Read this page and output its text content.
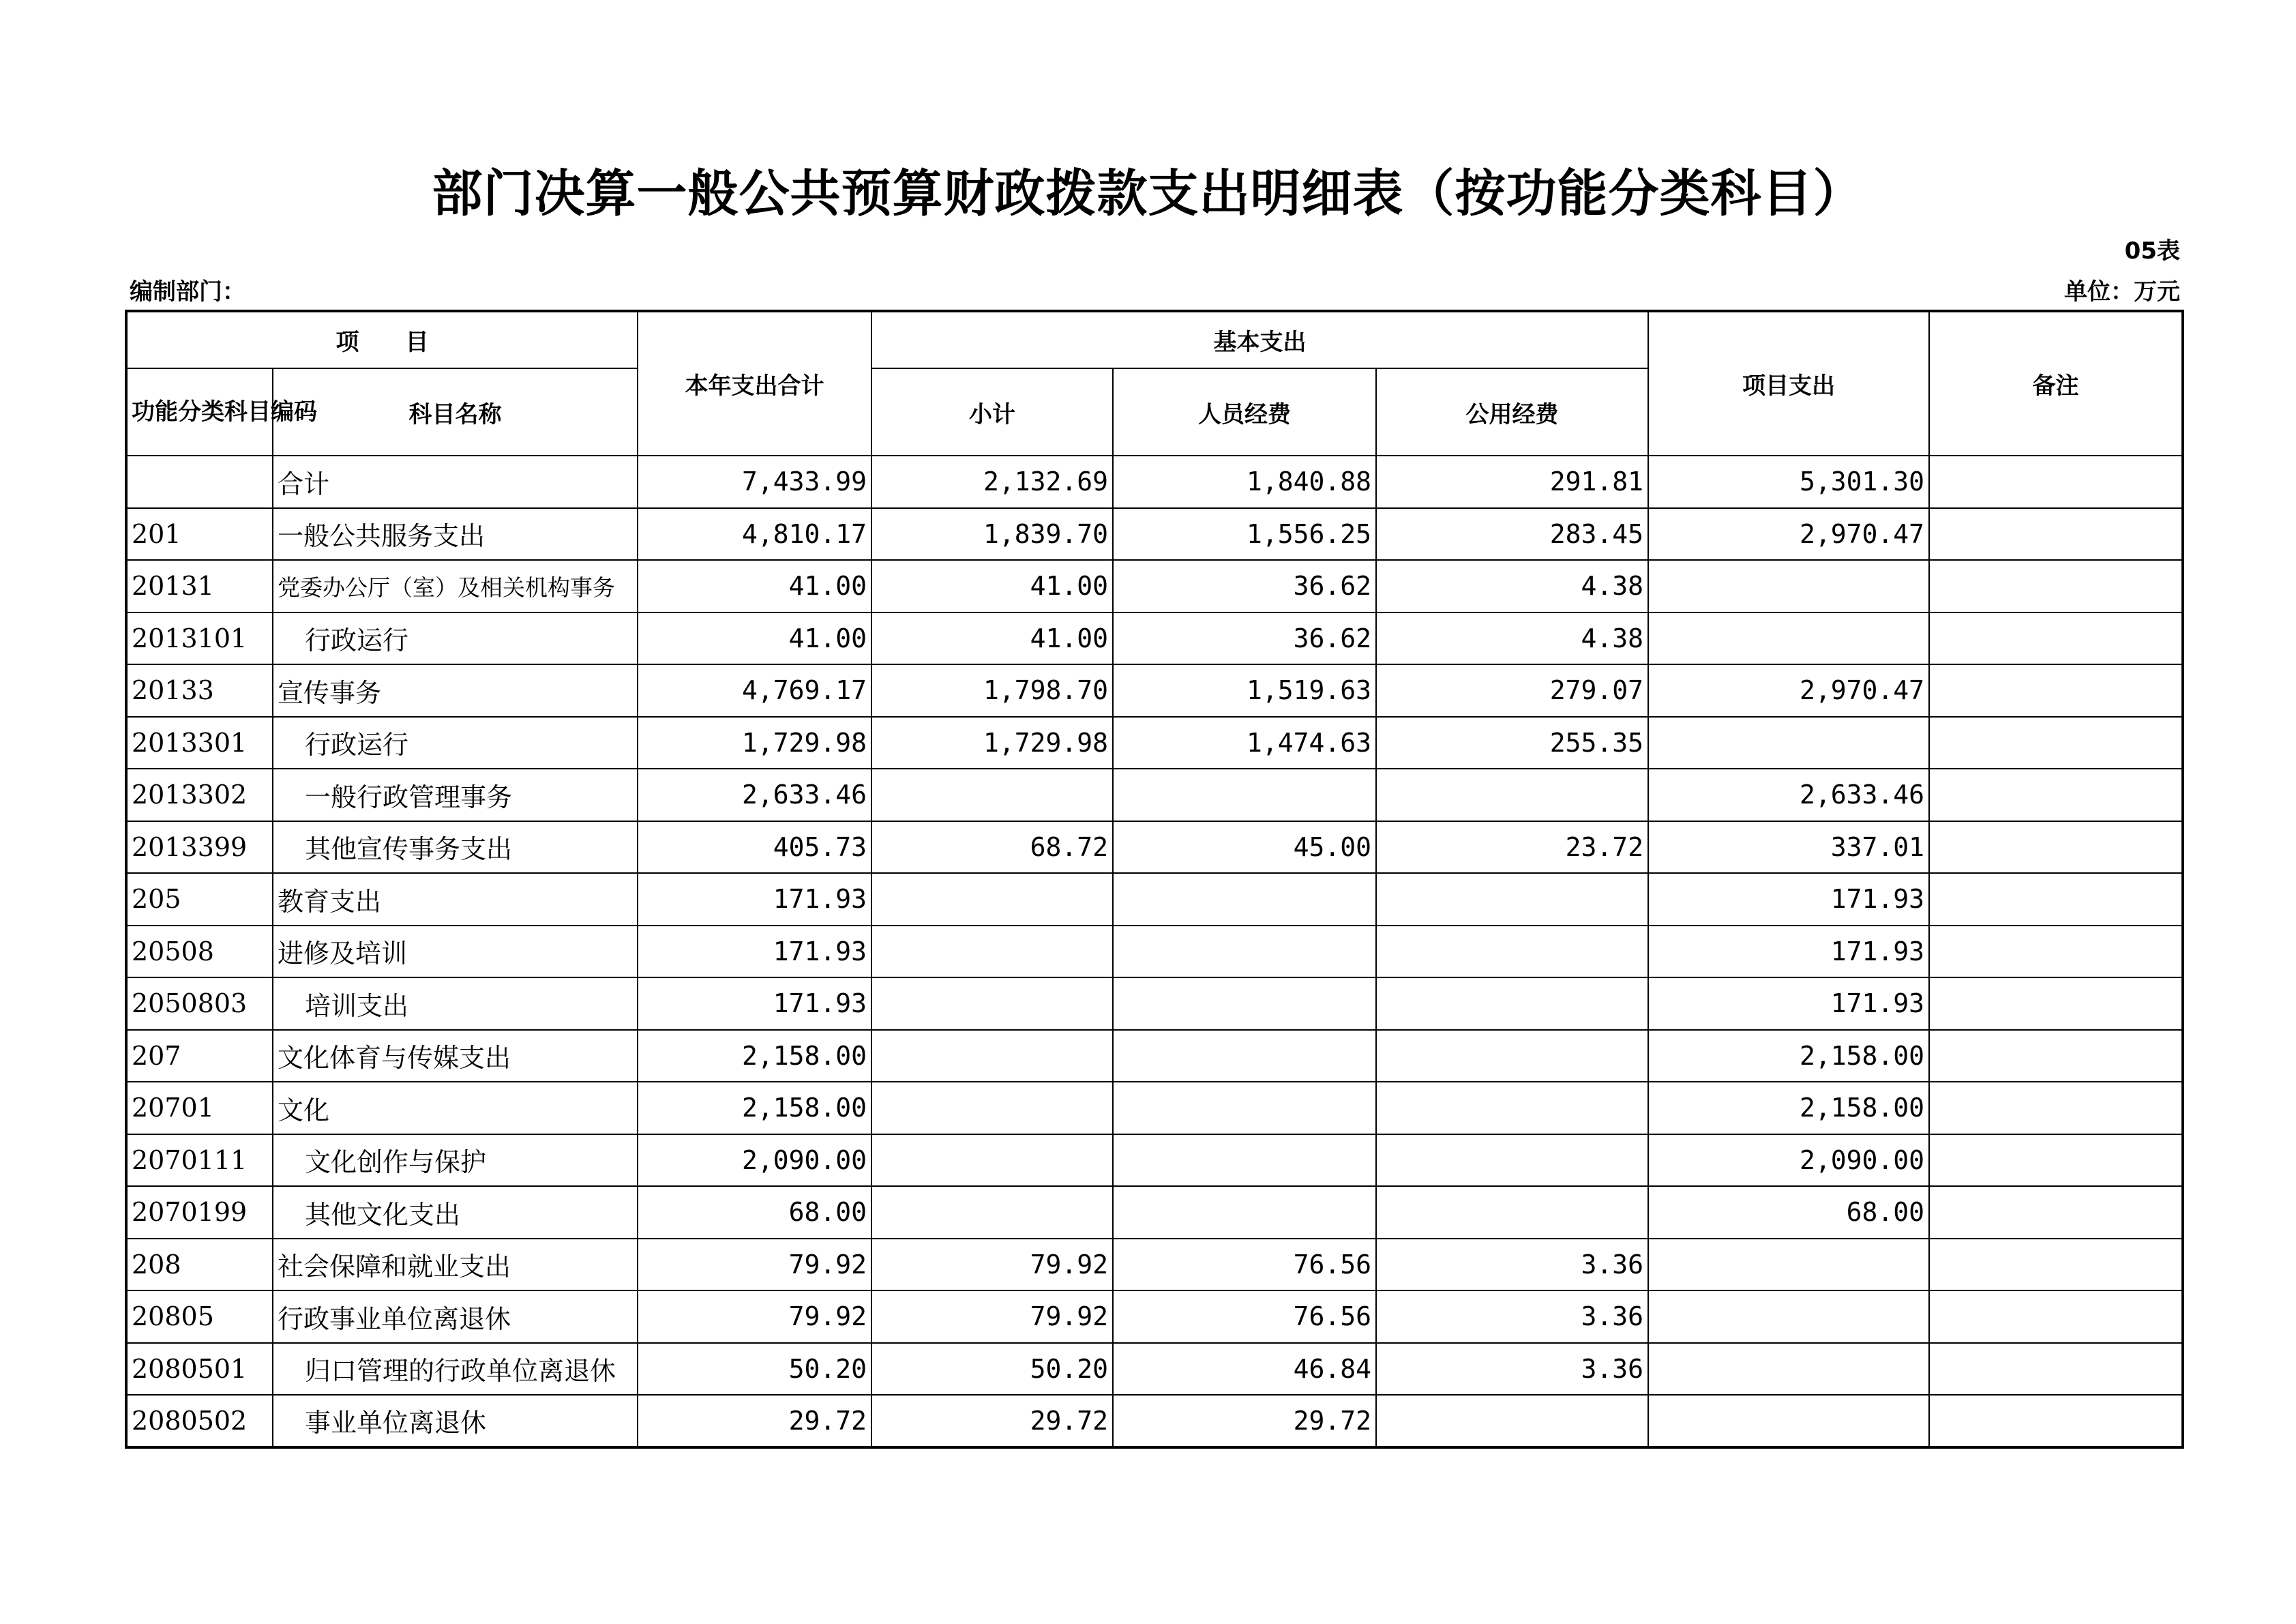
部门决算一般公共预算财政拨款支出明细表（按功能分类科目）
05表
编制部门：	单位：万元
项　　目		本年支出合计	基本支出			项目支出	备注
功能分类科目编码	科目名称		小计	人员经费	公用经费		
	合计	7,433.99	2,132.69	1,840.88	291.81	5,301.30	
201	一般公共服务支出	4,810.17	1,839.70	1,556.25	283.45	2,970.47	
20131	党委办公厅（室）及相关机构事务	41.00	41.00	36.62	4.38		
2013101	行政运行	41.00	41.00	36.62	4.38		
20133	宣传事务	4,769.17	1,798.70	1,519.63	279.07	2,970.47	
2013301	行政运行	1,729.98	1,729.98	1,474.63	255.35		
2013302	一般行政管理事务	2,633.46				2,633.46	
2013399	其他宣传事务支出	405.73	68.72	45.00	23.72	337.01	
205	教育支出	171.93				171.93	
20508	进修及培训	171.93				171.93	
2050803	培训支出	171.93				171.93	
207	文化体育与传媒支出	2,158.00				2,158.00	
20701	文化	2,158.00				2,158.00	
2070111	文化创作与保护	2,090.00				2,090.00	
2070199	其他文化支出	68.00				68.00	
208	社会保障和就业支出	79.92	79.92	76.56	3.36		
20805	行政事业单位离退休	79.92	79.92	76.56	3.36		
2080501	归口管理的行政单位离退休	50.20	50.20	46.84	3.36		
2080502	事业单位离退休	29.72	29.72	29.72			
